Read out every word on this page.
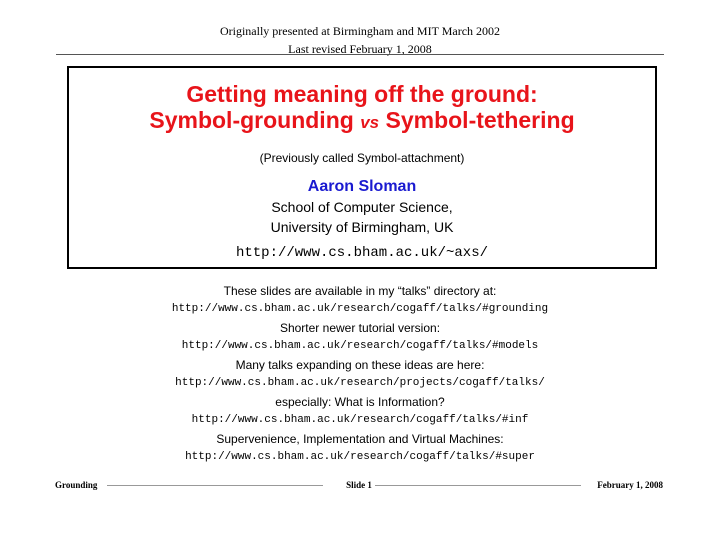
Originally presented at Birmingham and MIT March 2002
Last revised February 1, 2008
Getting meaning off the ground:
Symbol-grounding vs Symbol-tethering
(Previously called Symbol-attachment)
Aaron Sloman
School of Computer Science,
University of Birmingham, UK
http://www.cs.bham.ac.uk/~axs/
These slides are available in my “talks” directory at:
http://www.cs.bham.ac.uk/research/cogaff/talks/#grounding
Shorter newer tutorial version:
http://www.cs.bham.ac.uk/research/cogaff/talks/#models
Many talks expanding on these ideas are here:
http://www.cs.bham.ac.uk/research/projects/cogaff/talks/
especially: What is Information?
http://www.cs.bham.ac.uk/research/cogaff/talks/#inf
Supervenience, Implementation and Virtual Machines:
http://www.cs.bham.ac.uk/research/cogaff/talks/#super
Grounding	Slide 1	February 1, 2008
